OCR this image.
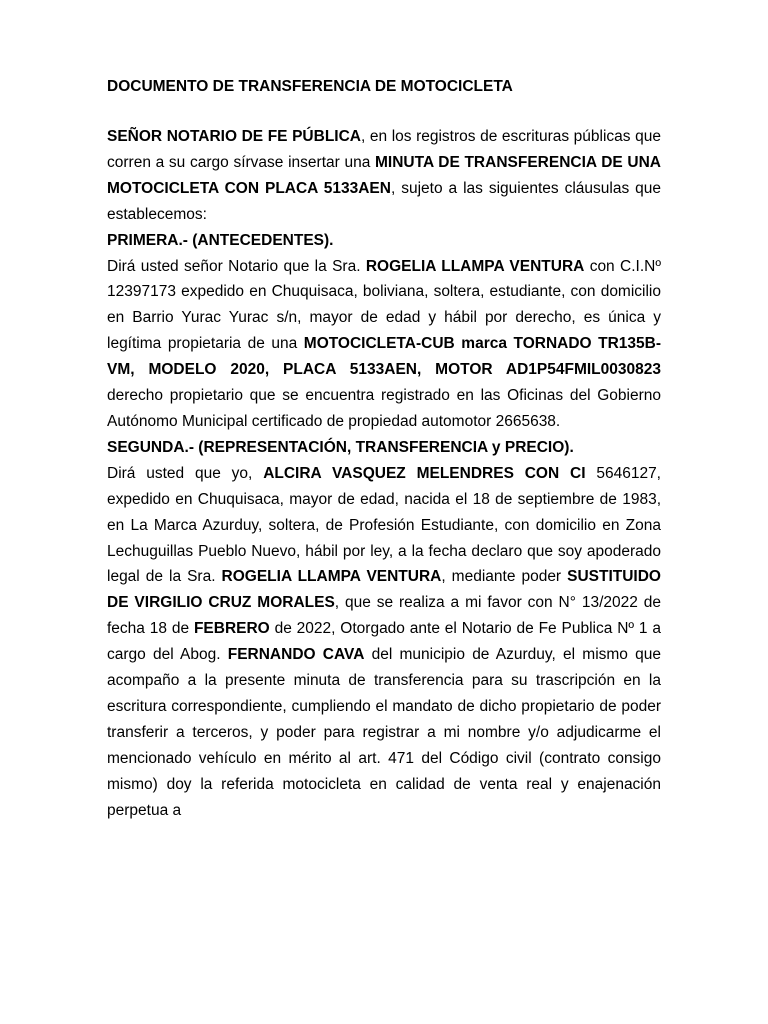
DOCUMENTO DE TRANSFERENCIA DE MOTOCICLETA

SEÑOR NOTARIO DE FE PÚBLICA, en los registros de escrituras públicas que corren a su cargo sírvase insertar una MINUTA DE TRANSFERENCIA DE UNA MOTOCICLETA CON PLACA 5133AEN, sujeto a las siguientes cláusulas que establecemos:

PRIMERA.- (ANTECEDENTES).

Dirá usted señor Notario que la Sra. ROGELIA LLAMPA VENTURA con C.I.Nº 12397173 expedido en Chuquisaca, boliviana, soltera, estudiante, con domicilio en Barrio Yurac Yurac s/n, mayor de edad y hábil por derecho, es única y legítima propietaria de una MOTOCICLETA-CUB marca TORNADO TR135B-VM, MODELO 2020, PLACA 5133AEN, MOTOR AD1P54FMIL0030823 derecho propietario que se encuentra registrado en las Oficinas del Gobierno Autónomo Municipal certificado de propiedad automotor 2665638.

SEGUNDA.- (REPRESENTACIÓN, TRANSFERENCIA y PRECIO).

Dirá usted que yo, ALCIRA VASQUEZ MELENDRES CON CI 5646127, expedido en Chuquisaca, mayor de edad, nacida el 18 de septiembre de 1983, en La Marca Azurduy, soltera, de Profesión Estudiante, con domicilio en Zona Lechuguillas Pueblo Nuevo, hábil por ley, a la fecha declaro que soy apoderado legal de la Sra. ROGELIA LLAMPA VENTURA, mediante poder SUSTITUIDO DE VIRGILIO CRUZ MORALES, que se realiza a mi favor con N° 13/2022 de fecha 18 de FEBRERO de 2022, Otorgado ante el Notario de Fe Publica Nº 1 a cargo del Abog. FERNANDO CAVA del municipio de Azurduy, el mismo que acompaño a la presente minuta de transferencia para su trascripción en la escritura correspondiente, cumpliendo el mandato de dicho propietario de poder transferir a terceros, y poder para registrar a mi nombre y/o adjudicarme el mencionado vehículo en mérito al art. 471 del Código civil (contrato consigo mismo) doy la referida motocicleta en calidad de venta real y enajenación perpetua a
